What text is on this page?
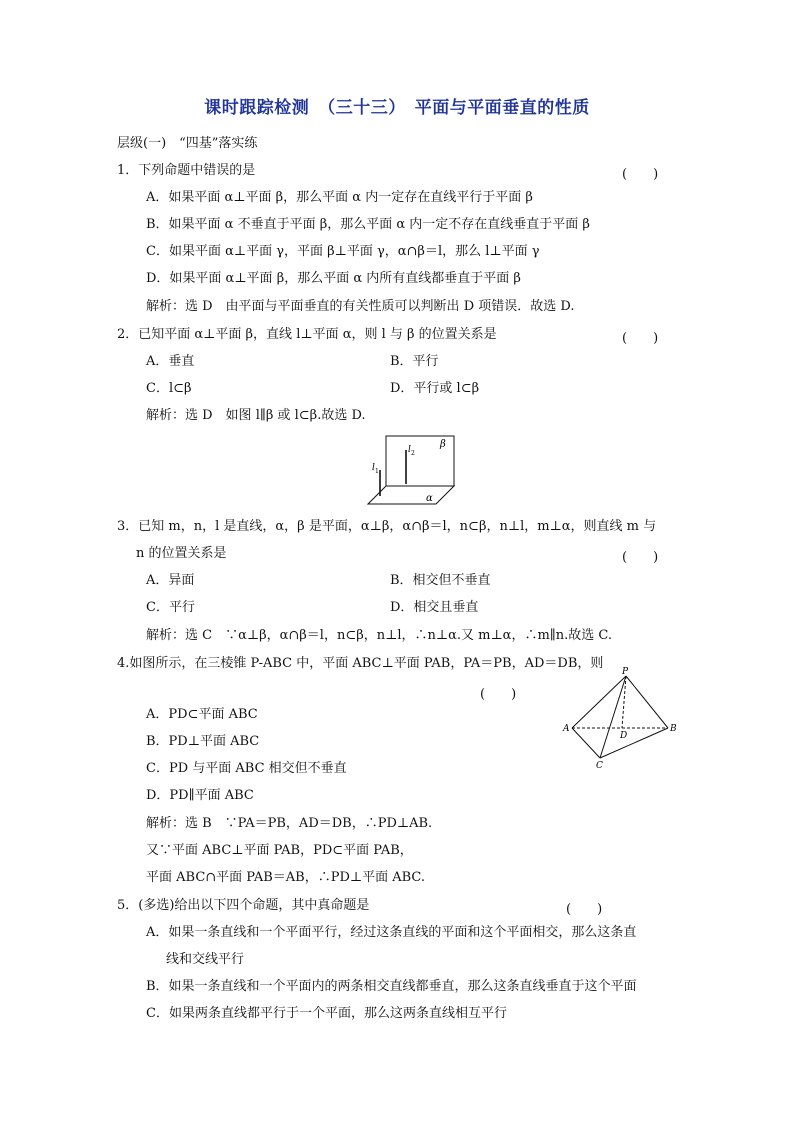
课时跟踪检测　（三十三）　平面与平面垂直的性质
层级(一)　“四基”落实练
1．下列命题中错误的是	(　　)
A．如果平面 α⊥平面 β，那么平面 α 内一定存在直线平行于平面 β
B．如果平面 α 不垂直于平面 β，那么平面 α 内一定不存在直线垂直于平面 β
C．如果平面 α⊥平面 γ，平面 β⊥平面 γ，α∩β＝l，那么 l⊥平面 γ
D．如果平面 α⊥平面 β，那么平面 α 内所有直线都垂直于平面 β
解析：选 D　由平面与平面垂直的有关性质可以判断出 D 项错误．故选 D.
2．已知平面 α⊥平面 β，直线 l⊥平面 α，则 l 与 β 的位置关系是	(　　)
A．垂直	B．平行
C．l⊂β	D．平行或 l⊂β
解析：选 D　如图 l∥β 或 l⊂β.故选 D.
β
α
l 1
l 2
3．已知 m，n，l 是直线，α，β 是平面，α⊥β，α∩β＝l，n⊂β，n⊥l，m⊥α，则直线 m 与
n 的位置关系是	(　　)
A．异面	B．相交但不垂直
C．平行	D．相交且垂直
解析：选 C　∵α⊥β，α∩β＝l，n⊂β，n⊥l，∴n⊥α.又 m⊥α，∴m∥n.故选 C.
4.如图所示，在三棱锥 P-ABC 中，平面 ABC⊥平面 PAB，PA＝PB，AD＝DB，则
(　　)
A．PD⊂平面 ABC
B．PD⊥平面 ABC
C．PD 与平面 ABC 相交但不垂直
D．PD∥平面 ABC
解析：选 B　∵PA＝PB，AD＝DB，∴PD⊥AB.
又∵平面 ABC⊥平面 PAB，PD⊂平面 PAB，
平面 ABC∩平面 PAB＝AB，∴PD⊥平面 ABC.
P
A	B
C
D
5．(多选)给出以下四个命题，其中真命题是	(　　)
A．如果一条直线和一个平面平行，经过这条直线的平面和这个平面相交，那么这条直
线和交线平行
B．如果一条直线和一个平面内的两条相交直线都垂直，那么这条直线垂直于这个平面
C．如果两条直线都平行于一个平面，那么这两条直线相互平行
